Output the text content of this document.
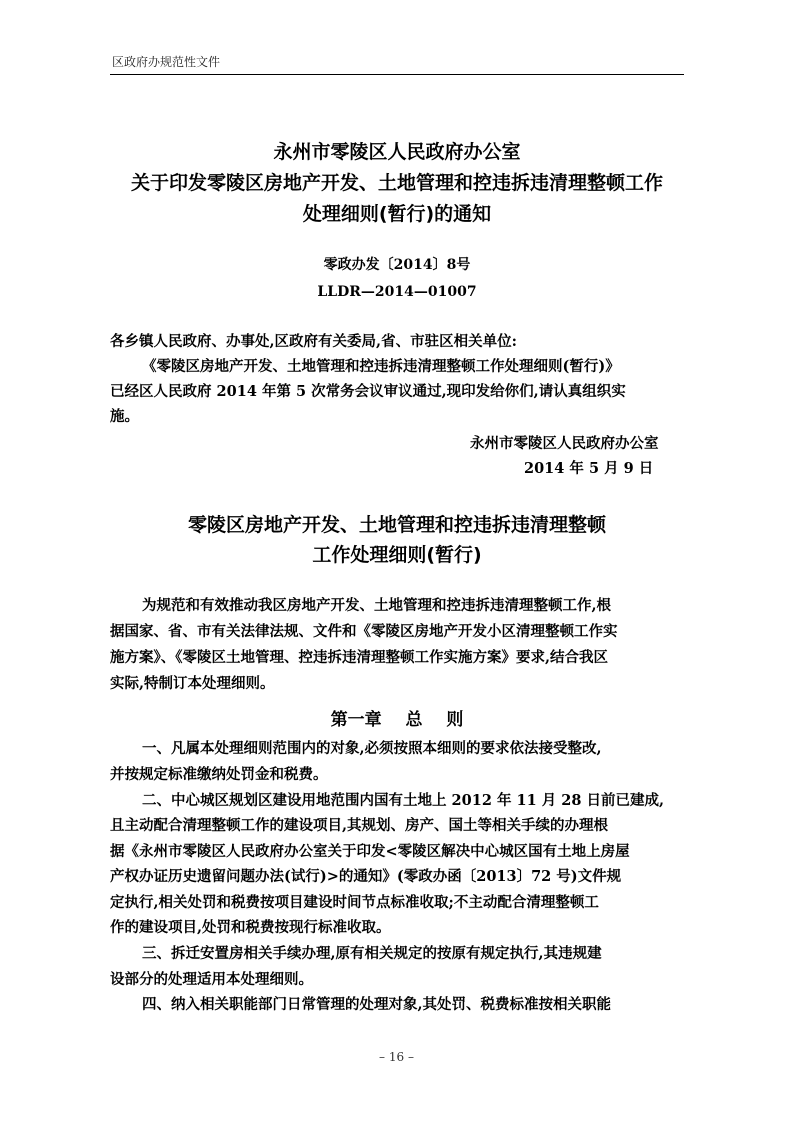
区政府办规范性文件
永州市零陵区人民政府办公室
关于印发零陵区房地产开发、土地管理和控违拆违清理整顿工作
处理细则(暂行)的通知
零政办发〔2014〕8号
LLDR—2014—01007
各乡镇人民政府、办事处,区政府有关委局,省、市驻区相关单位:
《零陵区房地产开发、土地管理和控违拆违清理整顿工作处理细则(暂行)》
已经区人民政府 2014 年第 5 次常务会议审议通过,现印发给你们,请认真组织实
施。
永州市零陵区人民政府办公室
2014 年 5 月 9 日
零陵区房地产开发、土地管理和控违拆违清理整顿
工作处理细则(暂行)
为规范和有效推动我区房地产开发、土地管理和控违拆违清理整顿工作,根
据国家、省、市有关法律法规、文件和《零陵区房地产开发小区清理整顿工作实
施方案》、《零陵区土地管理、控违拆违清理整顿工作实施方案》要求,结合我区
实际,特制订本处理细则。
第一章 总 则
一、凡属本处理细则范围内的对象,必须按照本细则的要求依法接受整改,
并按规定标准缴纳处罚金和税费。
二、中心城区规划区建设用地范围内国有土地上 2012 年 11 月 28 日前已建成,
且主动配合清理整顿工作的建设项目,其规划、房产、国土等相关手续的办理根
据《永州市零陵区人民政府办公室关于印发<零陵区解决中心城区国有土地上房屋
产权办证历史遗留问题办法(试行)>的通知》(零政办函〔2013〕72 号)文件规
定执行,相关处罚和税费按项目建设时间节点标准收取;不主动配合清理整顿工
作的建设项目,处罚和税费按现行标准收取。
三、拆迁安置房相关手续办理,原有相关规定的按原有规定执行,其违规建
设部分的处理适用本处理细则。
四、纳入相关职能部门日常管理的处理对象,其处罚、税费标准按相关职能
– 16 –
